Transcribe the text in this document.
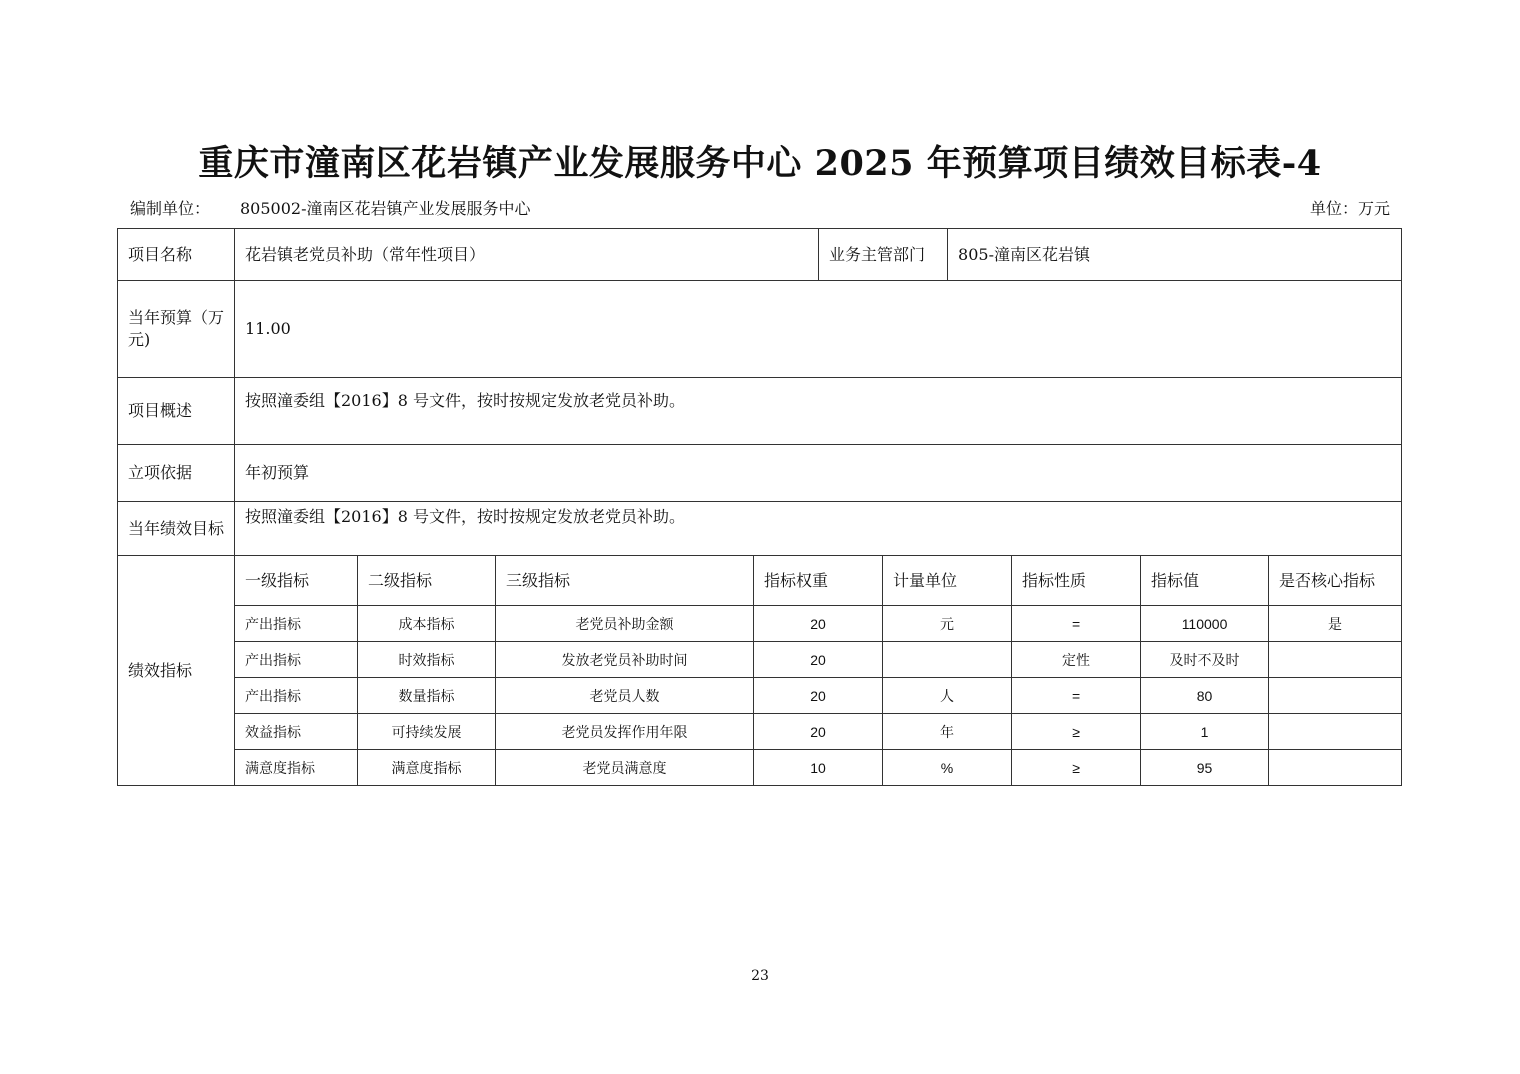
重庆市潼南区花岩镇产业发展服务中心 2025 年预算项目绩效目标表-4
编制单位： 805002-潼南区花岩镇产业发展服务中心	单位：万元
项目名称	花岩镇老党员补助（常年性项目）				业务主管部门		805-潼南区花岩镇			
当年预算（万元)	11.00									
项目概述	按照潼委组【2016】8 号文件，按时按规定发放老党员补助。									
立项依据	年初预算									
当年绩效目标	按照潼委组【2016】8 号文件，按时按规定发放老党员补助。									
绩效指标	一级指标	二级指标	三级指标	指标权重		计量单位		指标性质	指标值	是否核心指标
	产出指标	成本指标	老党员补助金额	20		元		=	110000	是
	产出指标	时效指标	发放老党员补助时间	20				定性	及时不及时	
	产出指标	数量指标	老党员人数	20		人		=	80	
	效益指标	可持续发展	老党员发挥作用年限	20		年		≥	1	
	满意度指标	满意度指标	老党员满意度	10		%		≥	95	
23
